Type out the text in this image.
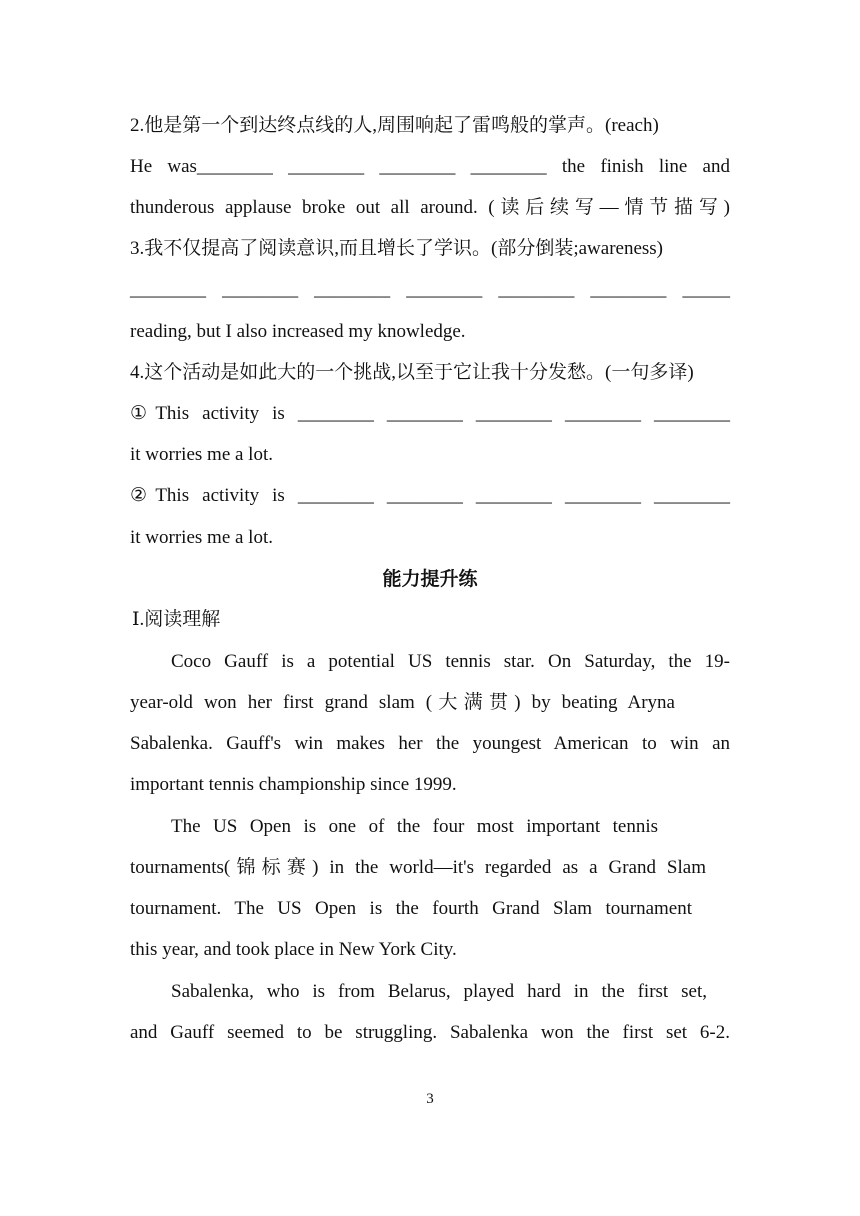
2.他是第一个到达终点线的人,周围响起了雷鸣般的掌声。(reach)
He was________ ________ ________ ________ the finish line and
thunderous applause broke out all around. (读后续写—情节描写)
3.我不仅提高了阅读意识,而且增长了学识。(部分倒装;awareness)
________ ________ ________ ________ ________ ________ _____
reading, but I also increased my knowledge.
4.这个活动是如此大的一个挑战,以至于它让我十分发愁。(一句多译)
①This activity is ________ ________ ________ ________ ________
it worries me a lot.
②This activity is ________ ________ ________ ________ ________
it worries me a lot.
能力提升练
Ⅰ.阅读理解
Coco Gauff is a potential US tennis star. On Saturday, the 19-
year-old won her first grand slam (大满贯) by beating Aryna
Sabalenka. Gauff's win makes her the youngest American to win an
important tennis championship since 1999.
The US Open is one of the four most important tennis
tournaments(锦标赛) in the world—it's regarded as a Grand Slam
tournament. The US Open is the fourth Grand Slam tournament
this year, and took place in New York City.
Sabalenka, who is from Belarus, played hard in the first set,
and Gauff seemed to be struggling. Sabalenka won the first set 6-2.
3
